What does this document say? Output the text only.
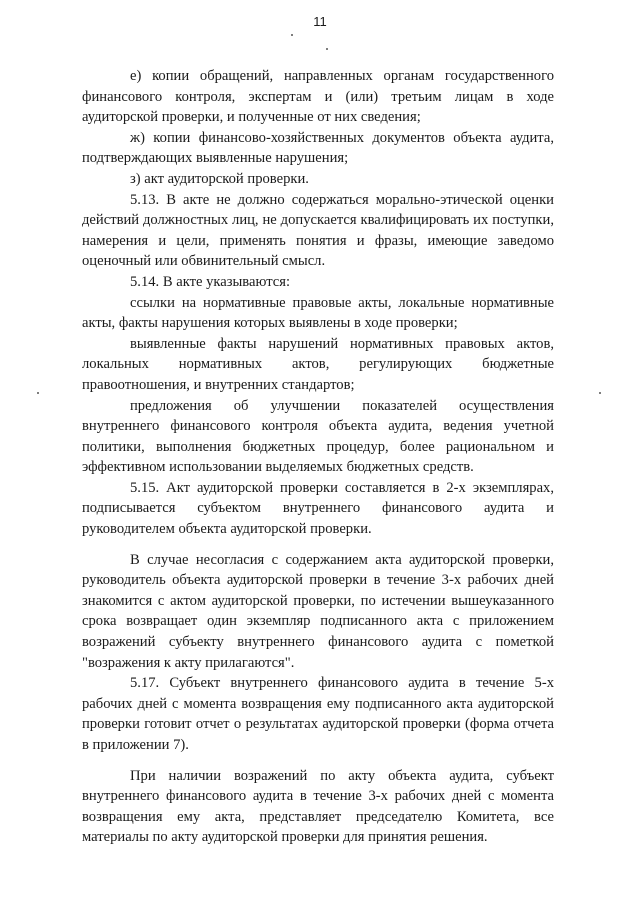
11

е) копии обращений, направленных органам государственного финансового контроля, экспертам и (или) третьим лицам в ходе аудиторской проверки, и полученные от них сведения;

ж) копии финансово-хозяйственных документов объекта аудита, подтверждающих выявленные нарушения;

з) акт аудиторской проверки.

5.13. В акте не должно содержаться морально-этической оценки действий должностных лиц, не допускается квалифицировать их поступки, намерения и цели, применять понятия и фразы, имеющие заведомо оценочный или обвинительный смысл.

5.14. В акте указываются:

ссылки на нормативные правовые акты, локальные нормативные акты, факты нарушения которых выявлены в ходе проверки;

выявленные факты нарушений нормативных правовых актов, локальных нормативных актов, регулирующих бюджетные правоотношения, и внутренних стандартов;

предложения об улучшении показателей осуществления внутреннего финансового контроля объекта аудита, ведения учетной политики, выполнения бюджетных процедур, более рациональном и эффективном использовании выделяемых бюджетных средств.

5.15. Акт аудиторской проверки составляется в 2-х экземплярах, подписывается субъектом внутреннего финансового аудита и руководителем объекта аудиторской проверки.

В случае несогласия с содержанием акта аудиторской проверки, руководитель объекта аудиторской проверки в течение 3-х рабочих дней знакомится с актом аудиторской проверки, по истечении вышеуказанного срока возвращает один экземпляр подписанного акта с приложением возражений субъекту внутреннего финансового аудита с пометкой "возражения к акту прилагаются".

5.17. Субъект внутреннего финансового аудита в течение 5-х рабочих дней с момента возвращения ему подписанного акта аудиторской проверки готовит отчет о результатах аудиторской проверки (форма отчета в приложении 7).

При наличии возражений по акту объекта аудита, субъект внутреннего финансового аудита в течение 3-х рабочих дней с момента возвращения ему акта, представляет председателю Комитета, все материалы по акту аудиторской проверки для принятия решения.
